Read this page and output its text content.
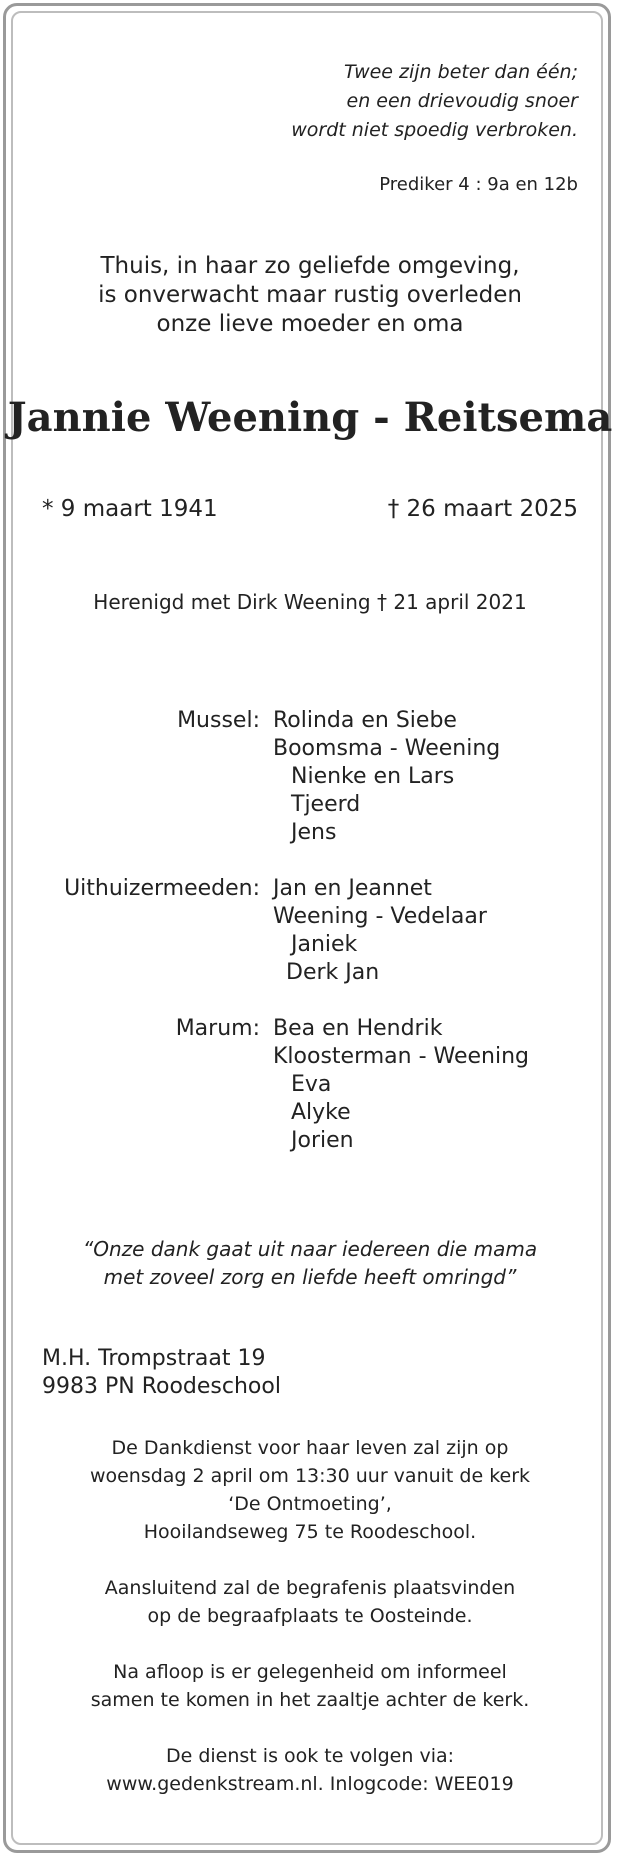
Twee zijn beter dan één;
en een drievoudig snoer
wordt niet spoedig verbroken.
Prediker 4 : 9a en 12b
Thuis, in haar zo geliefde omgeving,
is onverwacht maar rustig overleden
onze lieve moeder en oma
Jannie Weening - Reitsema
* 9 maart 1941	† 26 maart 2025
Herenigd met Dirk Weening † 21 april 2021
Mussel: Rolinda en Siebe
Boomsma - Weening
Nienke en Lars
Tjeerd
Jens
Uithuizermeeden: Jan en Jeannet
Weening - Vedelaar
Janiek
Derk Jan
Marum: Bea en Hendrik
Kloosterman - Weening
Eva
Alyke
Jorien
“Onze dank gaat uit naar iedereen die mama
met zoveel zorg en liefde heeft omringd”
M.H. Trompstraat 19
9983 PN Roodeschool
De Dankdienst voor haar leven zal zijn op
woensdag 2 april om 13:30 uur vanuit de kerk
‘De Ontmoeting’,
Hooilandseweg 75 te Roodeschool.
Aansluitend zal de begrafenis plaatsvinden
op de begraafplaats te Oosteinde.
Na afloop is er gelegenheid om informeel
samen te komen in het zaaltje achter de kerk.
De dienst is ook te volgen via:
www.gedenkstream.nl. Inlogcode: WEE019
